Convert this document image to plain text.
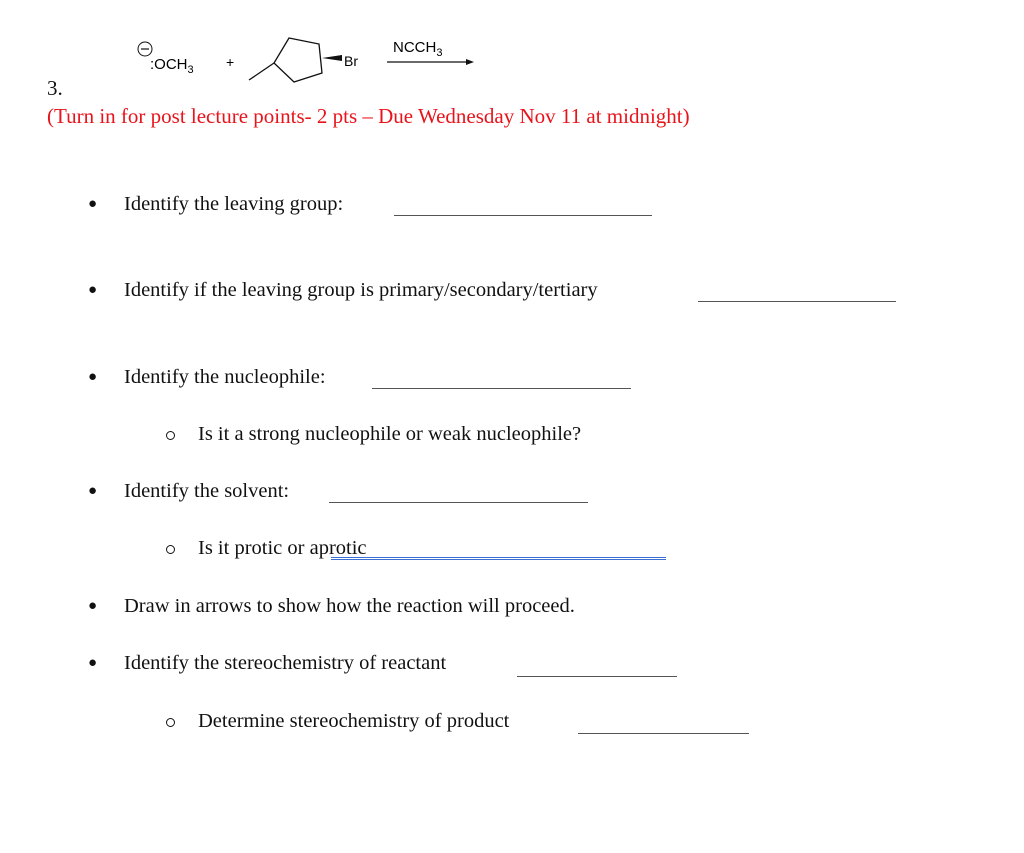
$:OCH_3$ +	Br
$NCCH_3$
3.
(Turn in for post lecture points- 2 pts – Due Wednesday Nov 11 at midnight)
● Identify the leaving group:
● Identify if the leaving group is primary/secondary/tertiary
● Identify the nucleophile:
Is it a strong nucleophile or weak nucleophile?
● Identify the solvent:
Is it protic or aprotic
● Draw in arrows to show how the reaction will proceed.
● Identify the stereochemistry of reactant
Determine stereochemistry of product
